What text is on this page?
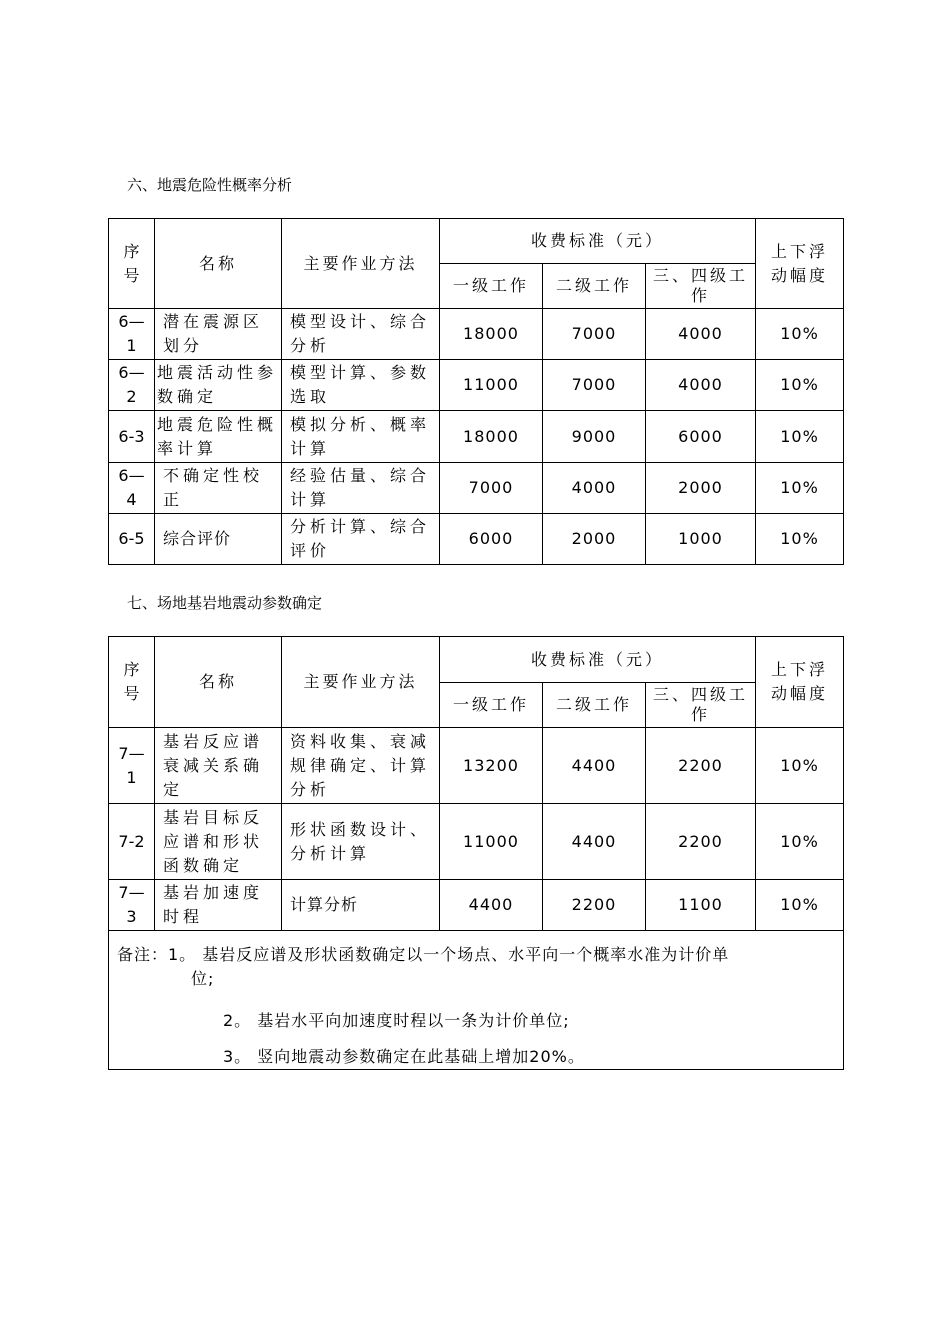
六、地震危险性概率分析
序
号	名称	主要作业方法	收费标准（元）			上下浮
动幅度
			一级工作	二级工作	三、四级工
作	
6—
1	潜在震源区
划分	模型设计、综合
分析	18000	7000	4000	10%
6—
2	地震活动性参
数确定	模型计算、参数
选取	11000	7000	4000	10%
6-3	地震危险性概
率计算	模拟分析、概率
计算	18000	9000	6000	10%
6—
4	不确定性校
正	经验估量、综合
计算	7000	4000	2000	10%
6-5	综合评价	分析计算、综合
评价	6000	2000	1000	10%
七、场地基岩地震动参数确定
序
号	名称	主要作业方法	收费标准（元）			上下浮
动幅度
			一级工作	二级工作	三、四级工
作	
7—
1	基岩反应谱
衰减关系确
定	资料收集、衰减
规律确定、计算
分析	13200	4400	2200	10%
7-2	基岩目标反
应谱和形状
函数确定	形状函数设计、
分析计算	11000	4400	2200	10%
7—
3	基岩加速度
时程	计算分析	4400	2200	1100	10%

备注：1。 基岩反应谱及形状函数确定以一个场点、水平向一个概率水准为计价单
位;
2。 基岩水平向加速度时程以一条为计价单位;
3。 竖向地震动参数确定在此基础上增加20%。						
